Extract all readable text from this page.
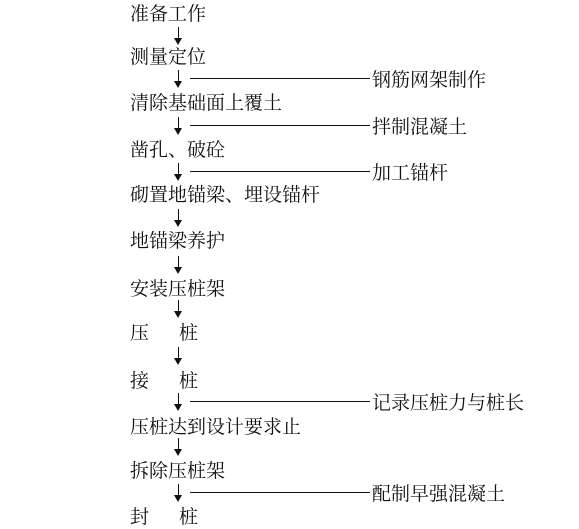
准备工作
测量定位
清除基础面上覆土
凿孔、破砼
砌置地锚梁、埋设锚杆
地锚梁养护
安装压桩架
压 桩
接 桩
压桩达到设计要求止
拆除压桩架
封 桩
钢筋网架制作
拌制混凝土
加工锚杆
记录压桩力与桩长
配制早强混凝土
